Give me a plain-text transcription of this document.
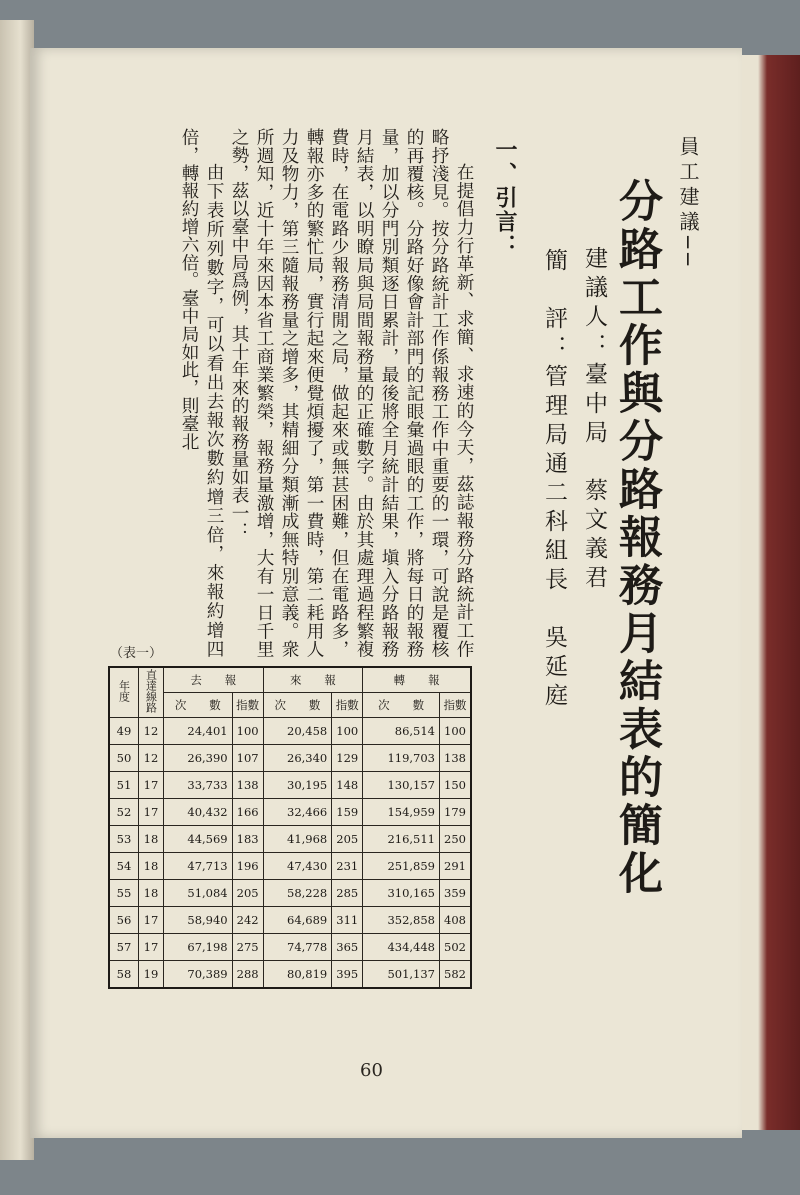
員工建議──
分路工作與分路報務月結表的簡化
建議人：臺中局　蔡文義君
簡　評：管理局通二科組長　吳延庭
一、引言：

在提倡力行革新、求簡、求速的今天，茲誌報務分路統計工作略抒淺見。按分路統計工作係報務工作中重要的一環，可說是覆核的再覆核。分路好像會計部門的記眼彙過眼的工作，將每日的報務量，加以分門別類逐日累計，最後將全月統計結果，塡入分路報務月結表，以明瞭局與局間報務量的正確數字。由於其處理過程繁複費時，在電路少報務清閒之局，做起來或無甚困難，但在電路多，轉報亦多的繁忙局，實行起來便覺煩擾了，第一費時，第二耗用人力及物力，第三隨報務量之增多，其精細分類漸成無特別意義。衆所週知，近十年來因本省工商業繁榮，報務量激增，大有一日千里之勢，茲以臺中局爲例，其十年來的報務量如表一：

由下表所列數字，可以看出去報次數約增三倍，來報約增四倍，轉報約增六倍。臺中局如此，則臺北

（表一）
年度	直達線路	去　　報		來　　報		轉　　報	
		次　　數	指數	次　　數	指數	次　　數	指數
49	12	24,401	100	20,458	100	86,514	100
50	12	26,390	107	26,340	129	119,703	138
51	17	33,733	138	30,195	148	130,157	150
52	17	40,432	166	32,466	159	154,959	179
53	18	44,569	183	41,968	205	216,511	250
54	18	47,713	196	47,430	231	251,859	291
55	18	51,084	205	58,228	285	310,165	359
56	17	58,940	242	64,689	311	352,858	408
57	17	67,198	275	74,778	365	434,448	502
58	19	70,389	288	80,819	395	501,137	582
60
